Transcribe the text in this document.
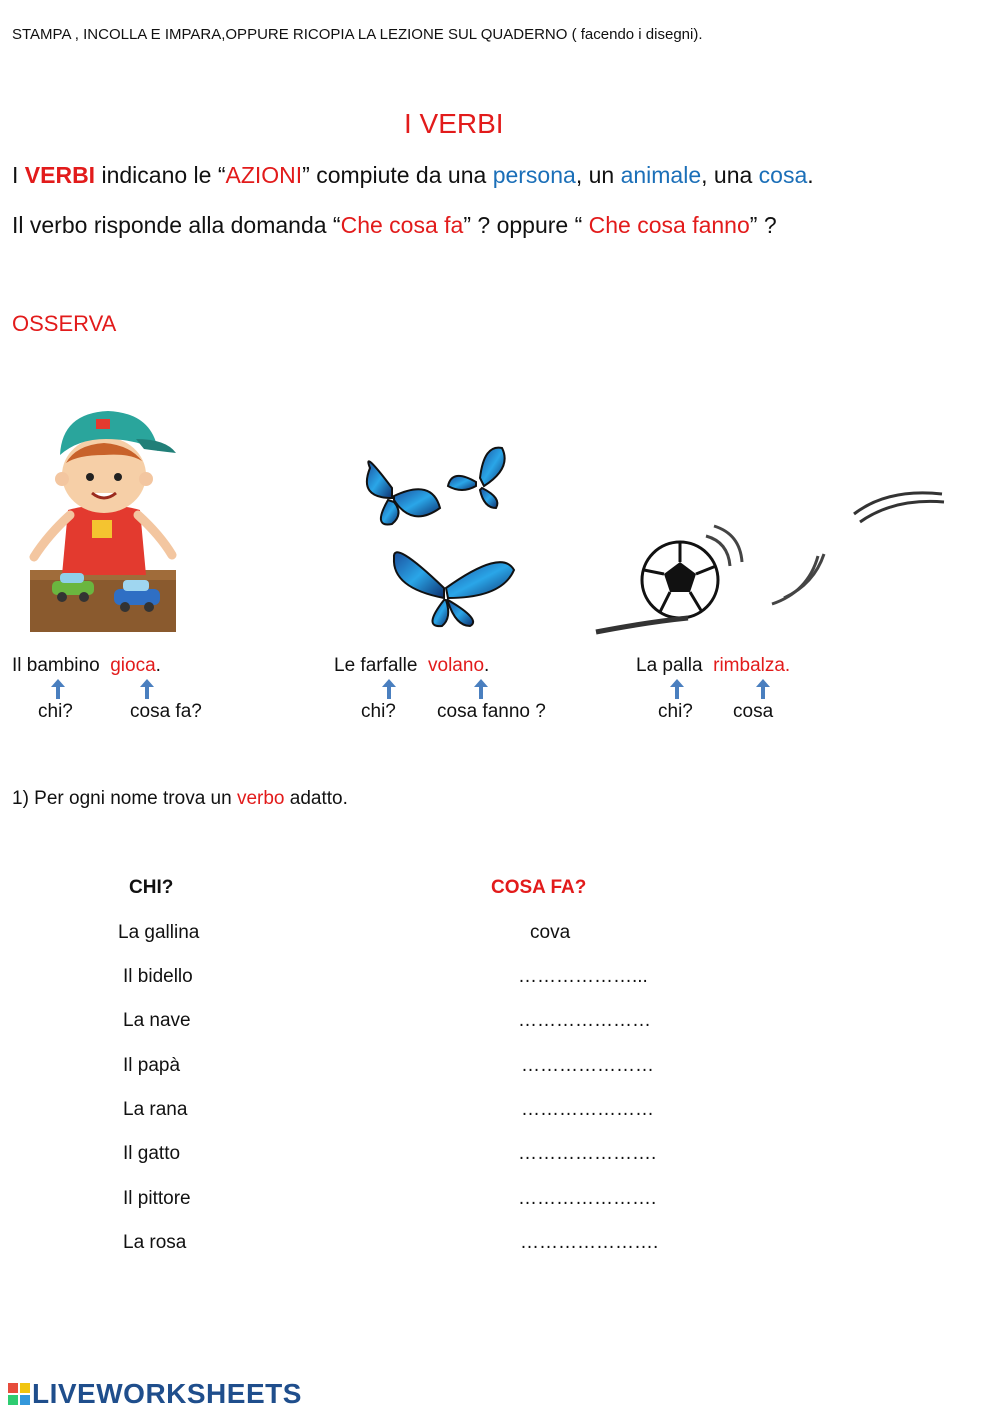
STAMPA , INCOLLA E IMPARA,OPPURE RICOPIA LA LEZIONE SUL QUADERNO ( facendo i disegni).
I VERBI
I VERBI indicano le “AZIONI” compiute da una persona, un animale, una cosa.
Il verbo risponde alla domanda “Che cosa fa” ? oppure “ Che cosa fanno” ?
OSSERVA
Il bambino gioca.	Le farfalle volano.	La palla rimbalza.
chi?	cosa fa?	chi? cosa fanno ?	chi? cosa
1) Per ogni nome trova un verbo adatto.
CHI?	COSA FA?
La gallina	cova
Il bidello	………………...
La nave	…………………
Il papà	…………………
La rana	…………………
Il gatto	………………….
Il pittore	………………….
La rosa	………………….
LIVEWORKSHEETS
